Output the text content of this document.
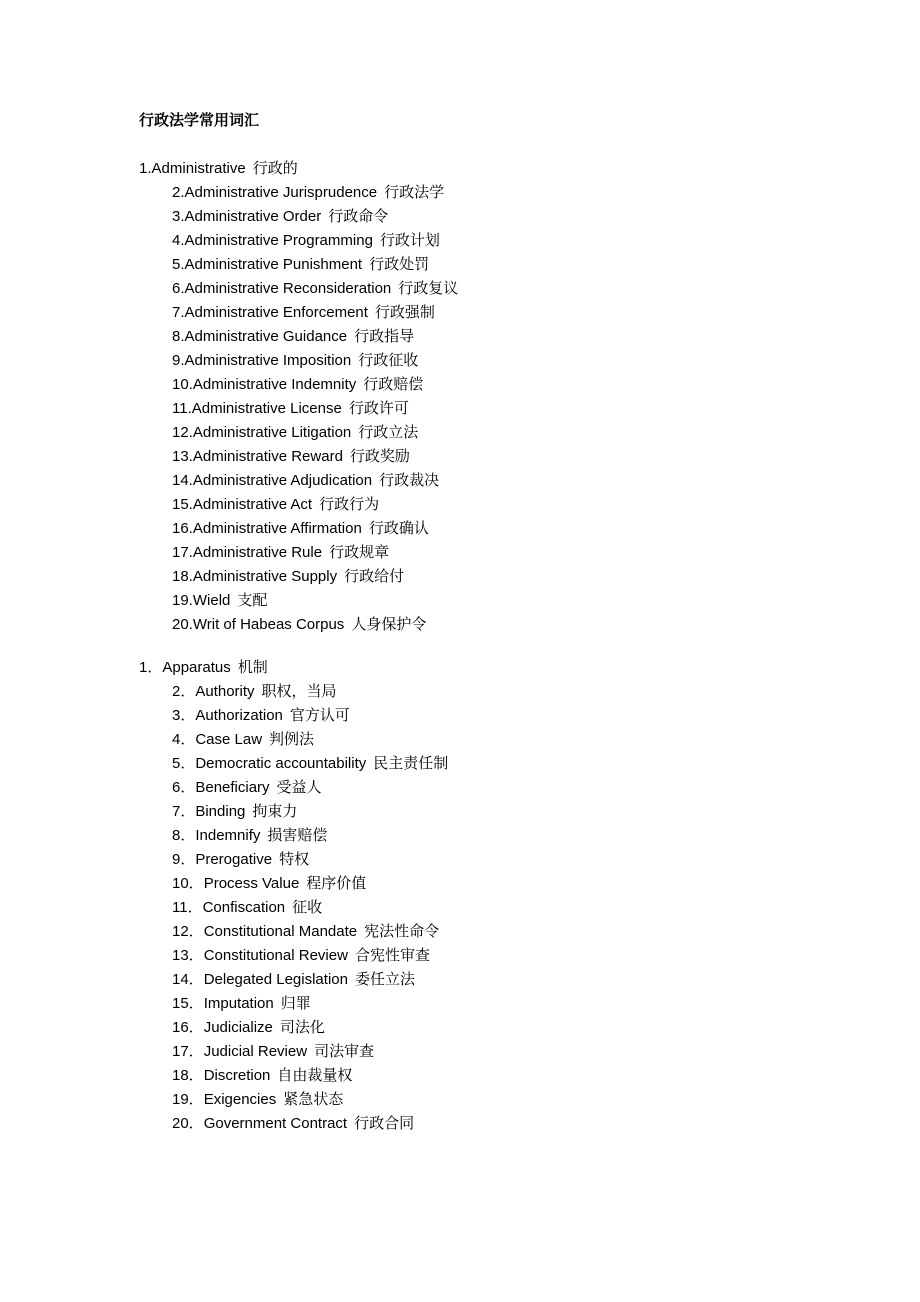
行政法学常用词汇
1.Administrative 行政的
2.Administrative Jurisprudence 行政法学
3.Administrative Order 行政命令
4.Administrative Programming 行政计划
5.Administrative Punishment 行政处罚
6.Administrative Reconsideration 行政复议
7.Administrative Enforcement 行政强制
8.Administrative Guidance 行政指导
9.Administrative Imposition 行政征收
10.Administrative Indemnity 行政赔偿
11.Administrative License 行政许可
12.Administrative Litigation 行政立法
13.Administrative Reward 行政奖励
14.Administrative Adjudication 行政裁决
15.Administrative Act 行政行为
16.Administrative Affirmation 行政确认
17.Administrative Rule 行政规章
18.Administrative Supply 行政给付
19.Wield 支配
20.Writ of Habeas Corpus 人身保护令
1．Apparatus 机制
2．Authority 职权，当局
3．Authorization 官方认可
4．Case Law 判例法
5．Democratic accountability 民主责任制
6．Beneficiary 受益人
7．Binding 拘束力
8．Indemnify 损害赔偿
9．Prerogative 特权
10．Process Value 程序价值
11．Confiscation 征收
12．Constitutional Mandate 宪法性命令
13．Constitutional Review 合宪性审查
14．Delegated Legislation 委任立法
15．Imputation 归罪
16．Judicialize 司法化
17．Judicial Review 司法审查
18．Discretion 自由裁量权
19．Exigencies 紧急状态
20．Government Contract 行政合同
